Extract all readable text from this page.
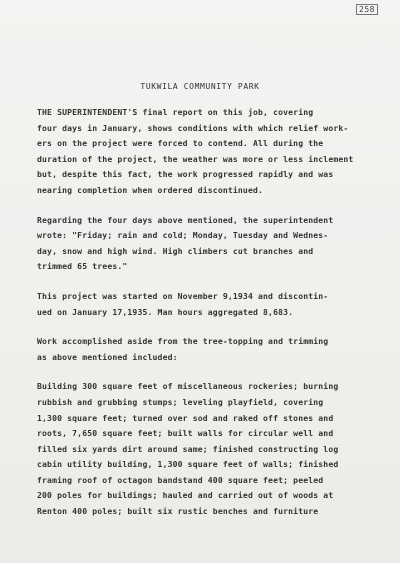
258
TUKWILA COMMUNITY PARK
THE SUPERINTENDENT'S final report on this job, covering
four days in January, shows conditions with which relief work-
ers on the project were forced to contend. All during the
duration of the project, the weather was more or less inclement
but, despite this fact, the work progressed rapidly and was
nearing completion when ordered discontinued.
Regarding the four days above mentioned, the superintendent
wrote: "Friday; rain and cold; Monday, Tuesday and Wednes-
day, snow and high wind. High climbers cut branches and
trimmed 65 trees."
This project was started on November 9,1934 and discontin-
ued on January 17,1935. Man hours aggregated 8,683.
Work accomplished aside from the tree-topping and trimming
as above mentioned included:
Building 300 square feet of miscellaneous rockeries; burning
rubbish and grubbing stumps; leveling playfield, covering
1,300 square feet; turned over sod and raked off stones and
roots, 7,650 square feet; built walls for circular well and
filled six yards dirt around same; finished constructing log
cabin utility building, 1,300 square feet of walls; finished
framing roof of octagon bandstand 400 square feet; peeled
200 poles for buildings; hauled and carried out of woods at
Renton 400 poles; built six rustic benches and furniture
